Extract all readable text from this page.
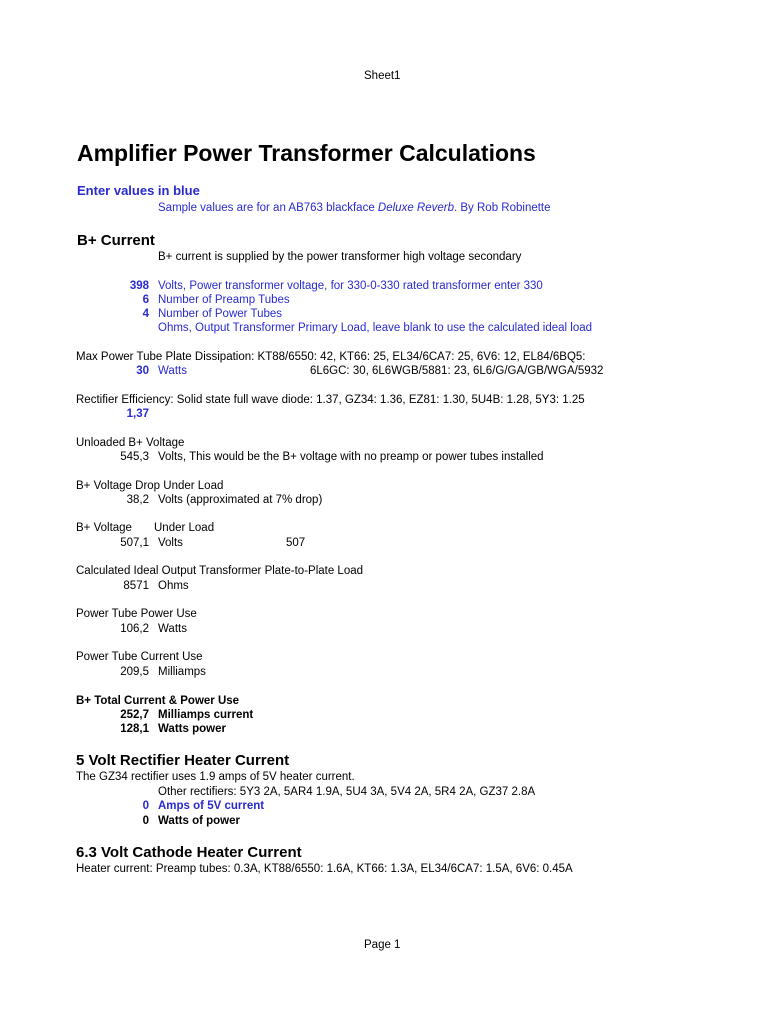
Sheet1
Amplifier Power Transformer Calculations
Enter values in blue
Sample values are for an AB763 blackface Deluxe Reverb. By Rob Robinette
B+ Current
B+ current is supplied by the power transformer high voltage secondary
398 Volts, Power transformer voltage, for 330-0-330 rated transformer enter 330
6 Number of Preamp Tubes
4 Number of Power Tubes
Ohms, Output Transformer Primary Load, leave blank to use the calculated ideal load
Max Power Tube Plate Dissipation: KT88/6550: 42, KT66: 25, EL34/6CA7: 25, 6V6: 12, EL84/6BQ5:
30 Watts	6L6GC: 30, 6L6WGB/5881: 23, 6L6/G/GA/GB/WGA/5932
Rectifier Efficiency: Solid state full wave diode: 1.37, GZ34: 1.36, EZ81: 1.30, 5U4B: 1.28, 5Y3: 1.25
1,37
Unloaded B+ Voltage
545,3 Volts, This would be the B+ voltage with no preamp or power tubes installed
B+ Voltage Drop Under Load
38,2 Volts (approximated at 7% drop)
B+ Voltage Under Load
507,1 Volts	507
Calculated Ideal Output Transformer Plate-to-Plate Load
8571 Ohms
Power Tube Power Use
106,2 Watts
Power Tube Current Use
209,5 Milliamps
B+ Total Current & Power Use
252,7 Milliamps current
128,1 Watts power
5 Volt Rectifier Heater Current
The GZ34 rectifier uses 1.9 amps of 5V heater current.
Other rectifiers: 5Y3 2A, 5AR4 1.9A, 5U4 3A, 5V4 2A, 5R4 2A, GZ37 2.8A
0 Amps of 5V current
0 Watts of power
6.3 Volt Cathode Heater Current
Heater current: Preamp tubes: 0.3A, KT88/6550: 1.6A, KT66: 1.3A, EL34/6CA7: 1.5A, 6V6: 0.45A
Page 1
